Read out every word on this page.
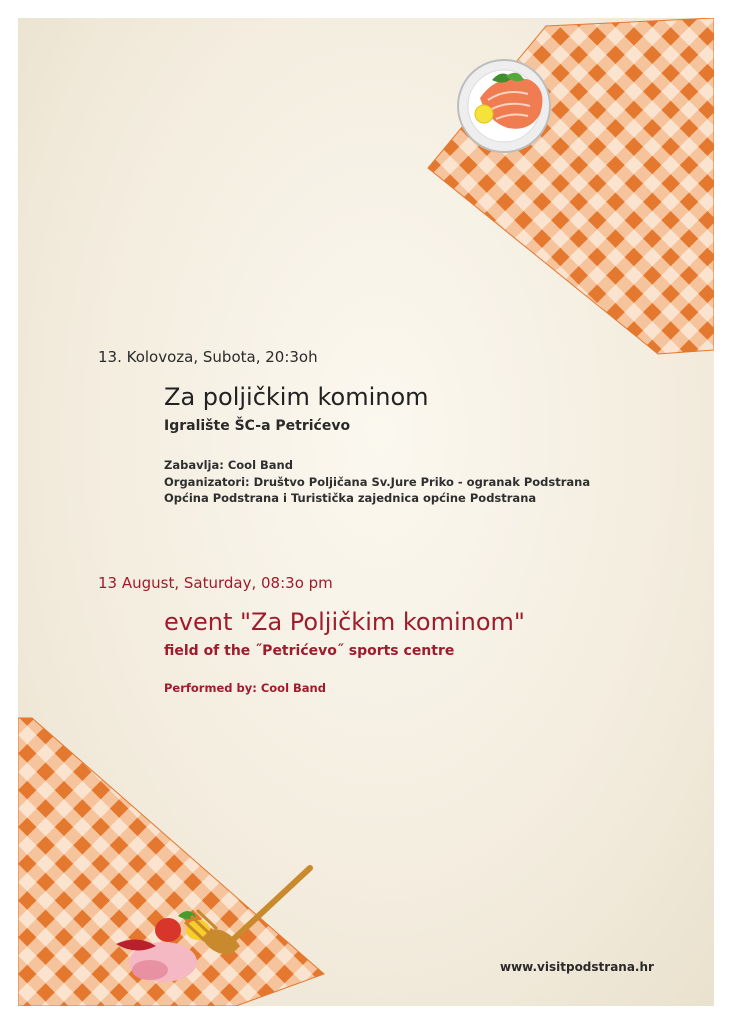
13. Kolovoza, Subota, 20:3oh
Za poljičkim kominom
Igralište ŠC-a Petrićevo
Zabavlja: Cool Band
Organizatori: Društvo Poljičana Sv.Jure Priko - ogranak Podstrana
Općina Podstrana i Turistička zajednica općine Podstrana
13 August, Saturday, 08:3o pm
event "Za Poljičkim kominom"
field of the ˝Petrićevo˝ sports centre
Performed by: Cool Band
www.visitpodstrana.hr
